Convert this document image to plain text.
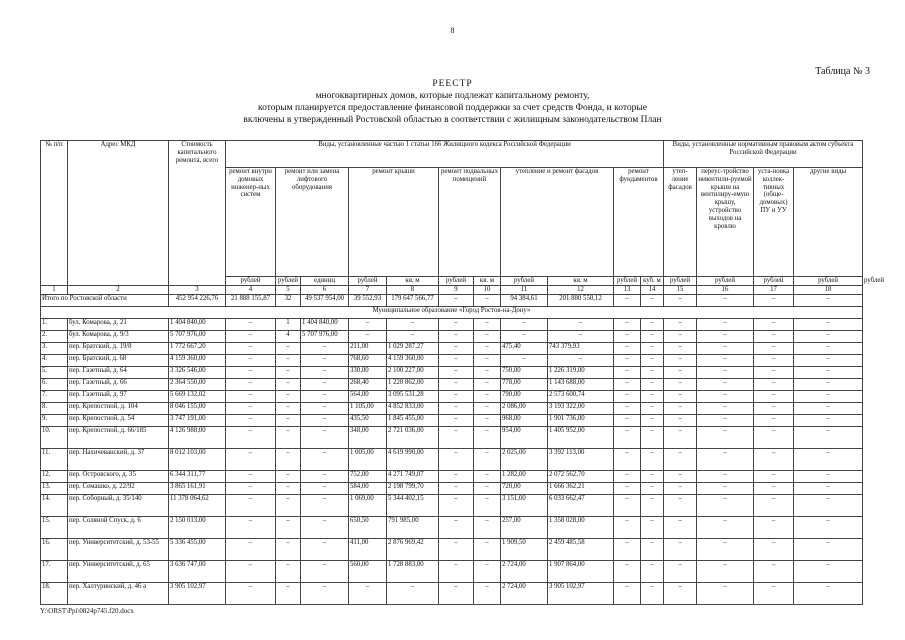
8
Таблица № 3
РЕЕСТР
многоквартирных домов, которые подлежат капитальному ремонту,
которым планируется предоставление финансовой поддержки за счет средств Фонда, и которые
включены в утвержденный Ростовской областью в соответствии с жилищным законодательством План
№ п/п	Адрес МКД	Стоимость капитального ремонта, всего	Виды, установленные частью 1 статьи 166 Жилищного кодекса Российской Федерации											Виды, установленные нормативным правовым актом субъекта Российской Федерации				
			ремонт внутри домовых инженер-ных систем	ремонт или замена лифтового оборудования		ремонт крыши		ремонт подвальных помещений		утепление и ремонт фасадов		ремонт фундаментов		утеп-ление фасадов	переус-тройство невентили-руемой крыши на вентилиру-емую крышу, устройство выходов на кровлю	уста-новка коллек-тивных (обще-домовых) ПУ и УУ	другие виды	
			рублей	рублей	единиц	рублей	кв. м	рублей	кв. м	рублей	кв. м	рублей	куб. м	рублей	рублей	рублей	рублей	рублей
1	2	3	4	5	6	7	8	9	10	11	12	13	14	15	16	17	18	
Итого по Ростовской области		452 954 226,76	21 888 155,87	32	49 537 954,00	39 552,93	179 647 566,77	–	–	94 384,61	201 880 550,12	–	–	–	–	–	–	
Муниципальное образование «Город Ростов-на-Дону»																		
1.	бул. Комарова, д. 21	1 404 840,00	–	1	1 404 840,00	–	–	–	–	–	–	–	–	–	–	–	–	
2.	бул. Комарова, д. 9/3	5 707 976,00	–	4	5 707 976,00	–	–	–	–	–	–	–	–	–	–	–	–	
3.	пер. Братский, д. 19/8	1 772 667,20	–	–	–	211,00	1 029 287,27	–	–	475,40	743 379,93	–	–	–	–	–	–	
4.	пер. Братский, д. 68	4 159 360,00	–	–	–	768,60	4 159 360,00	–	–	–	–	–	–	–	–	–	–	
5.	пер. Газетный, д. 64	3 326 546,00	–	–	–	330,00	2 100 227,00	–	–	750,00	1 226 319,00	–	–	–	–	–	–	
6.	пер. Газетный, д. 66	2 364 550,00	–	–	–	268,40	1 220 862,00	–	–	778,00	1 143 688,00	–	–	–	–	–	–	
7.	пер. Газетный, д. 97	5 669 132,02	–	–	–	564,00	3 095 531,28	–	–	790,00	2 573 600,74	–	–	–	–	–	–	
8.	пер. Крепостной, д. 104	8 046 155,00	–	–	–	1 105,00	4 852 833,00	–	–	2 086,00	3 193 322,00	–	–	–	–	–	–	
9.	пер. Крепостной, д. 54	3 747 191,00	–	–	–	435,50	1 845 455,00	–	–	968,00	1 901 736,00	–	–	–	–	–	–	
10.	пер. Крепостной, д. 66/185	4 126 988,00	–	–	–	348,00	2 721 036,00	–	–	954,00	1 405 952,00	–	–	–	–	–	–	
11.	пер. Нахичеванский, д. 37	8 012 103,00	–	–	–	1 005,00	4 619 990,00	–	–	2 025,00	3 392 113,00	–	–	–	–	–	–	
12.	пер. Островского, д. 35	6 344 311,77	–	–	–	752,00	4 271 749,07	–	–	1 282,00	2 072 562,70	–	–	–	–	–	–	
13.	пер. Семашко, д. 22/92	3 865 161,91	–	–	–	584,00	2 198 799,70	–	–	720,00	1 666 362,21	–	–	–	–	–	–	
14.	пер. Соборный, д. 35/140	11 378 064,62	–	–	–	1 069,00	5 344 402,15	–	–	3 151,00	6 033 662,47	–	–	–	–	–	–	
15.	пер. Соляной Спуск, д. 6	2 150 013,00	–	–	–	650,50	791 985,00	–	–	257,00	1 358 028,00	–	–	–	–	–	–	
16.	пер. Университетский, д. 53-55	5 336 455,00	–	–	–	411,00	2 876 969,42	–	–	1 909,50	2 459 485,58	–	–	–	–	–	–	
17.	пер. Университетский, д. 65	3 636 747,00	–	–	–	560,00	1 728 883,00	–	–	2 724,00	1 907 864,00	–	–	–	–	–	–	
18.	пер. Халтуринский, д. 46 а	3 905 102,97	–	–	–	–	–	–	–	2 724,00	3 905 102,97	–	–	–	–	–	–	
Y:\ORST\Ppi\0824p745.f20.docx
